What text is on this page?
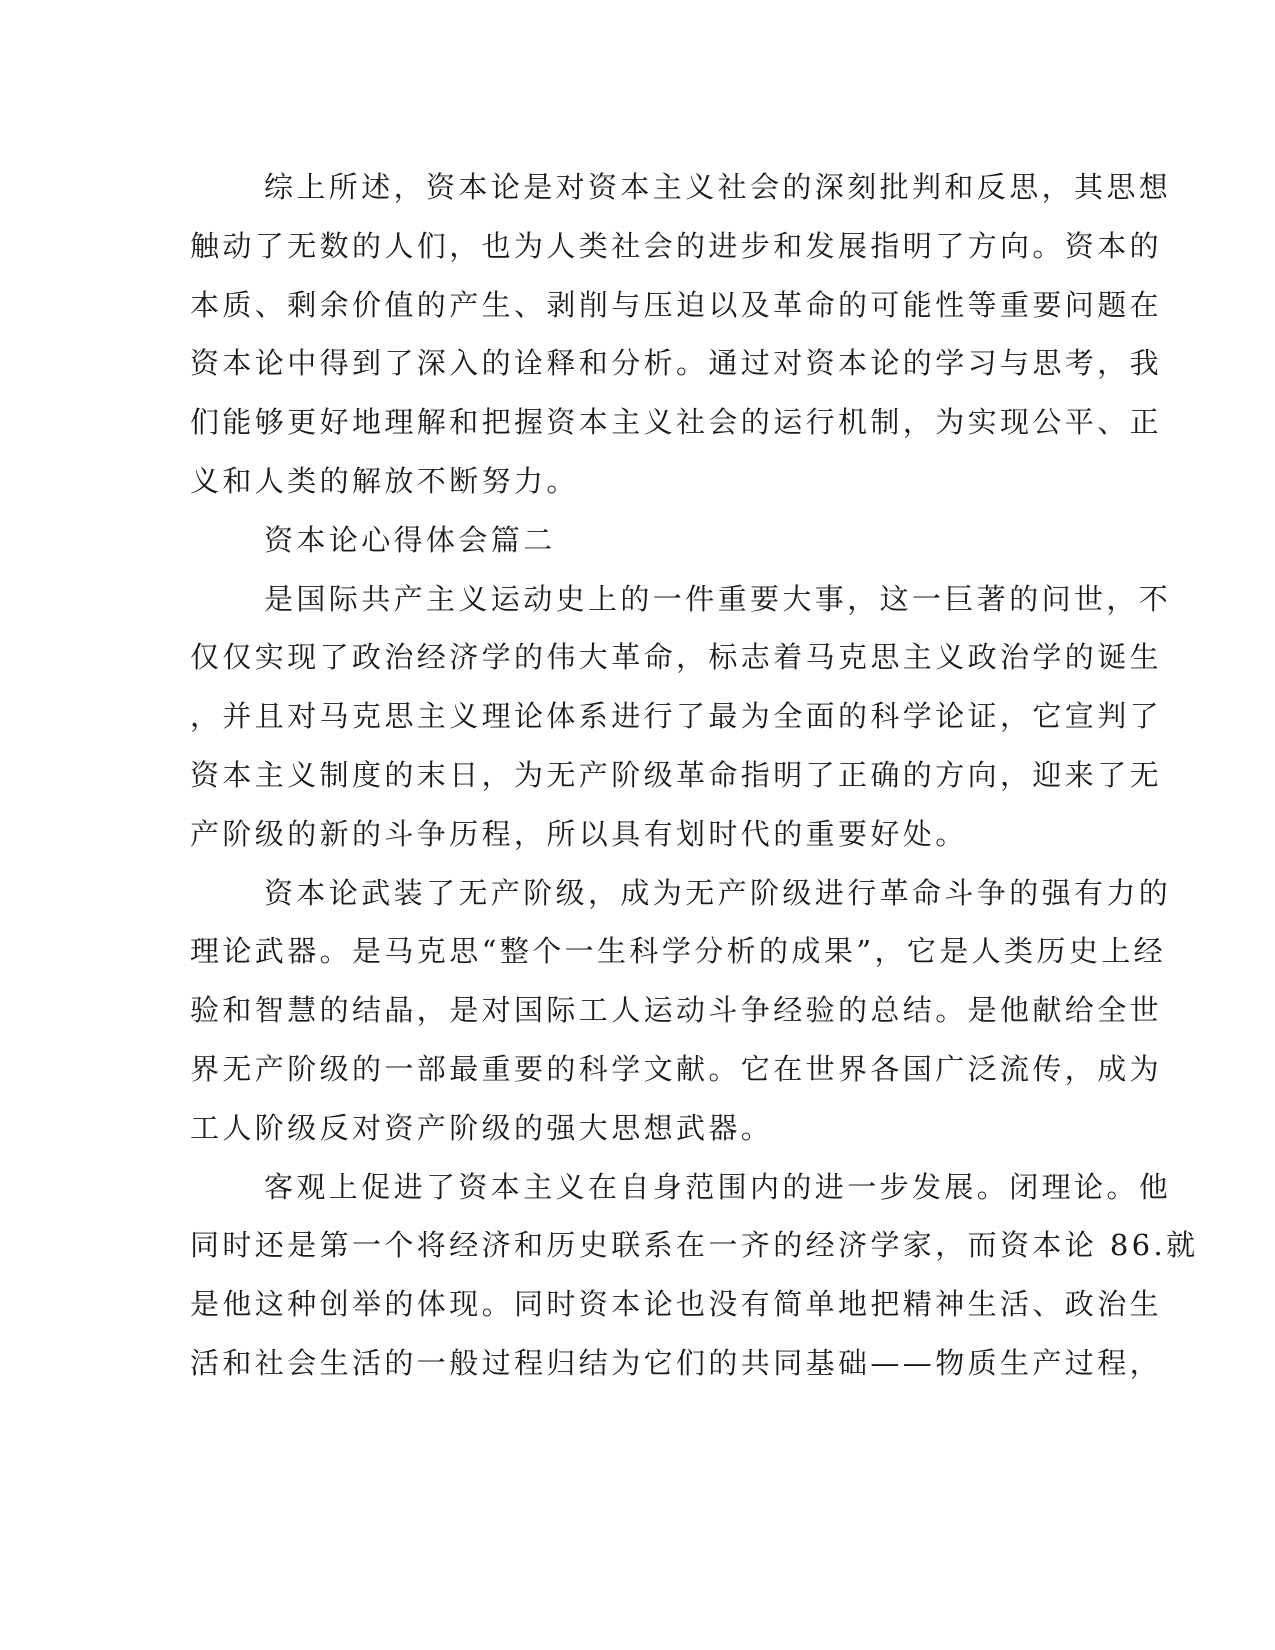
综上所述，资本论是对资本主义社会的深刻批判和反思，其思想
触动了无数的人们，也为人类社会的进步和发展指明了方向。资本的
本质、剩余价值的产生、剥削与压迫以及革命的可能性等重要问题在
资本论中得到了深入的诠释和分析。通过对资本论的学习与思考，我
们能够更好地理解和把握资本主义社会的运行机制，为实现公平、正
义和人类的解放不断努力。
资本论心得体会篇二
是国际共产主义运动史上的一件重要大事，这一巨著的问世，不
仅仅实现了政治经济学的伟大革命，标志着马克思主义政治学的诞生
，并且对马克思主义理论体系进行了最为全面的科学论证，它宣判了
资本主义制度的末日，为无产阶级革命指明了正确的方向，迎来了无
产阶级的新的斗争历程，所以具有划时代的重要好处。
资本论武装了无产阶级，成为无产阶级进行革命斗争的强有力的
理论武器。是马克思“整个一生科学分析的成果”，它是人类历史上经
验和智慧的结晶，是对国际工人运动斗争经验的总结。是他献给全世
界无产阶级的一部最重要的科学文献。它在世界各国广泛流传，成为
工人阶级反对资产阶级的强大思想武器。
客观上促进了资本主义在自身范围内的进一步发展。闭理论。他
同时还是第一个将经济和历史联系在一齐的经济学家，而资本论 86.就
是他这种创举的体现。同时资本论也没有简单地把精神生活、政治生
活和社会生活的一般过程归结为它们的共同基础——物质生产过程，
